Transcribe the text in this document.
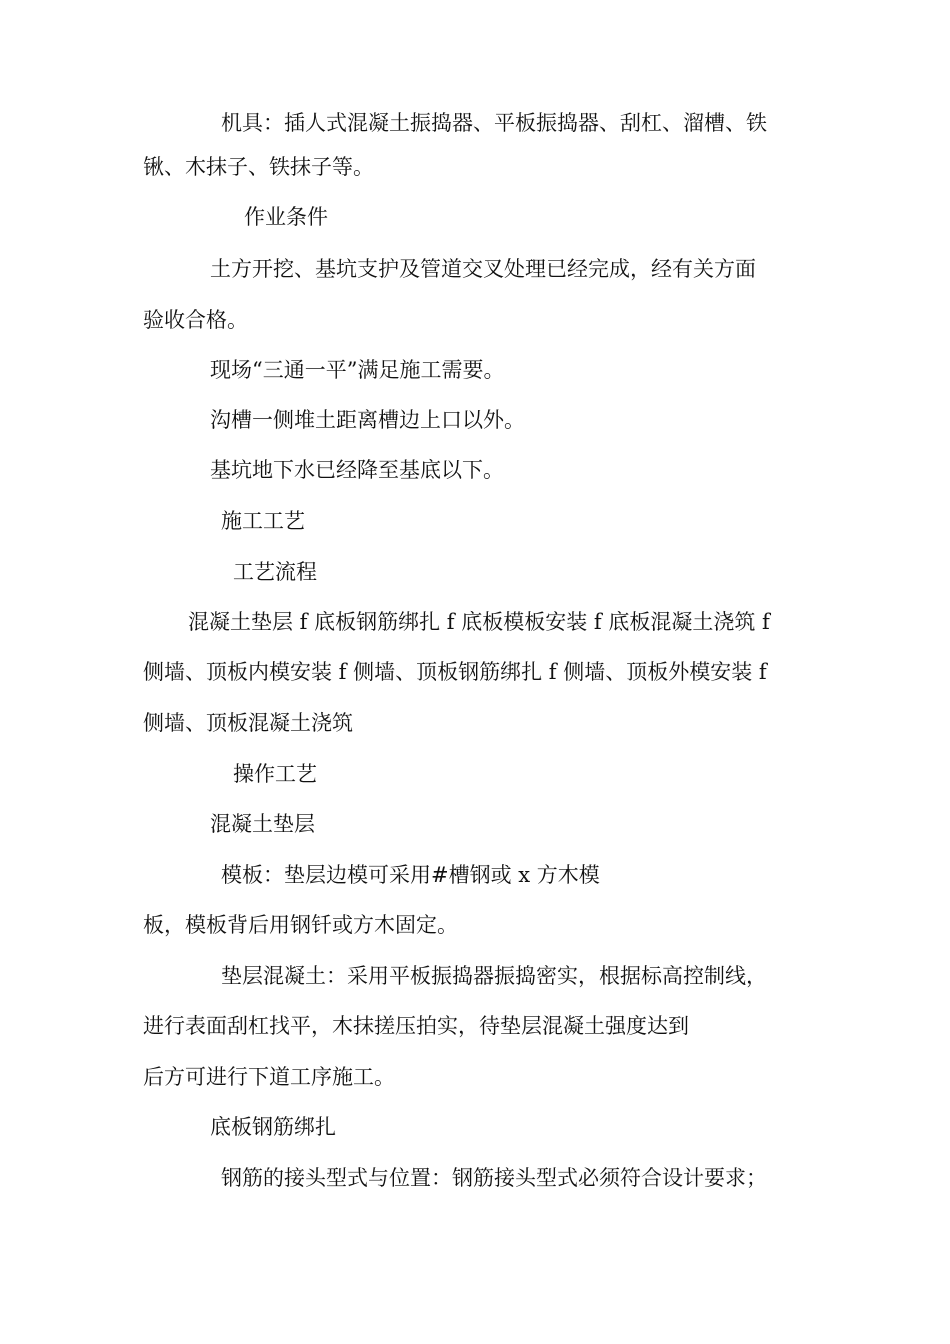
机具：插人式混凝土振捣器、平板振捣器、刮杠、溜槽、铁

锹、木抹子、铁抹子等。

作业条件

土方开挖、基坑支护及管道交叉处理已经完成，经有关方面

验收合格。

现场“三通一平”满足施工需要。

沟槽一侧堆土距离槽边上口以外。

基坑地下水已经降至基底以下。

施工工艺

工艺流程

混凝土垫层 f 底板钢筋绑扎 f 底板模板安装 f 底板混凝土浇筑 f

侧墙、顶板内模安装 f 侧墙、顶板钢筋绑扎 f 侧墙、顶板外模安装 f

侧墙、顶板混凝土浇筑

操作工艺

混凝土垫层

模板：垫层边模可采用#槽钢或 x 方木模

板，模板背后用钢钎或方木固定。

垫层混凝土：采用平板振捣器振捣密实，根据标高控制线，

进行表面刮杠找平，木抹搓压拍实，待垫层混凝土强度达到

后方可进行下道工序施工。

底板钢筋绑扎

钢筋的接头型式与位置：钢筋接头型式必须符合设计要求；
